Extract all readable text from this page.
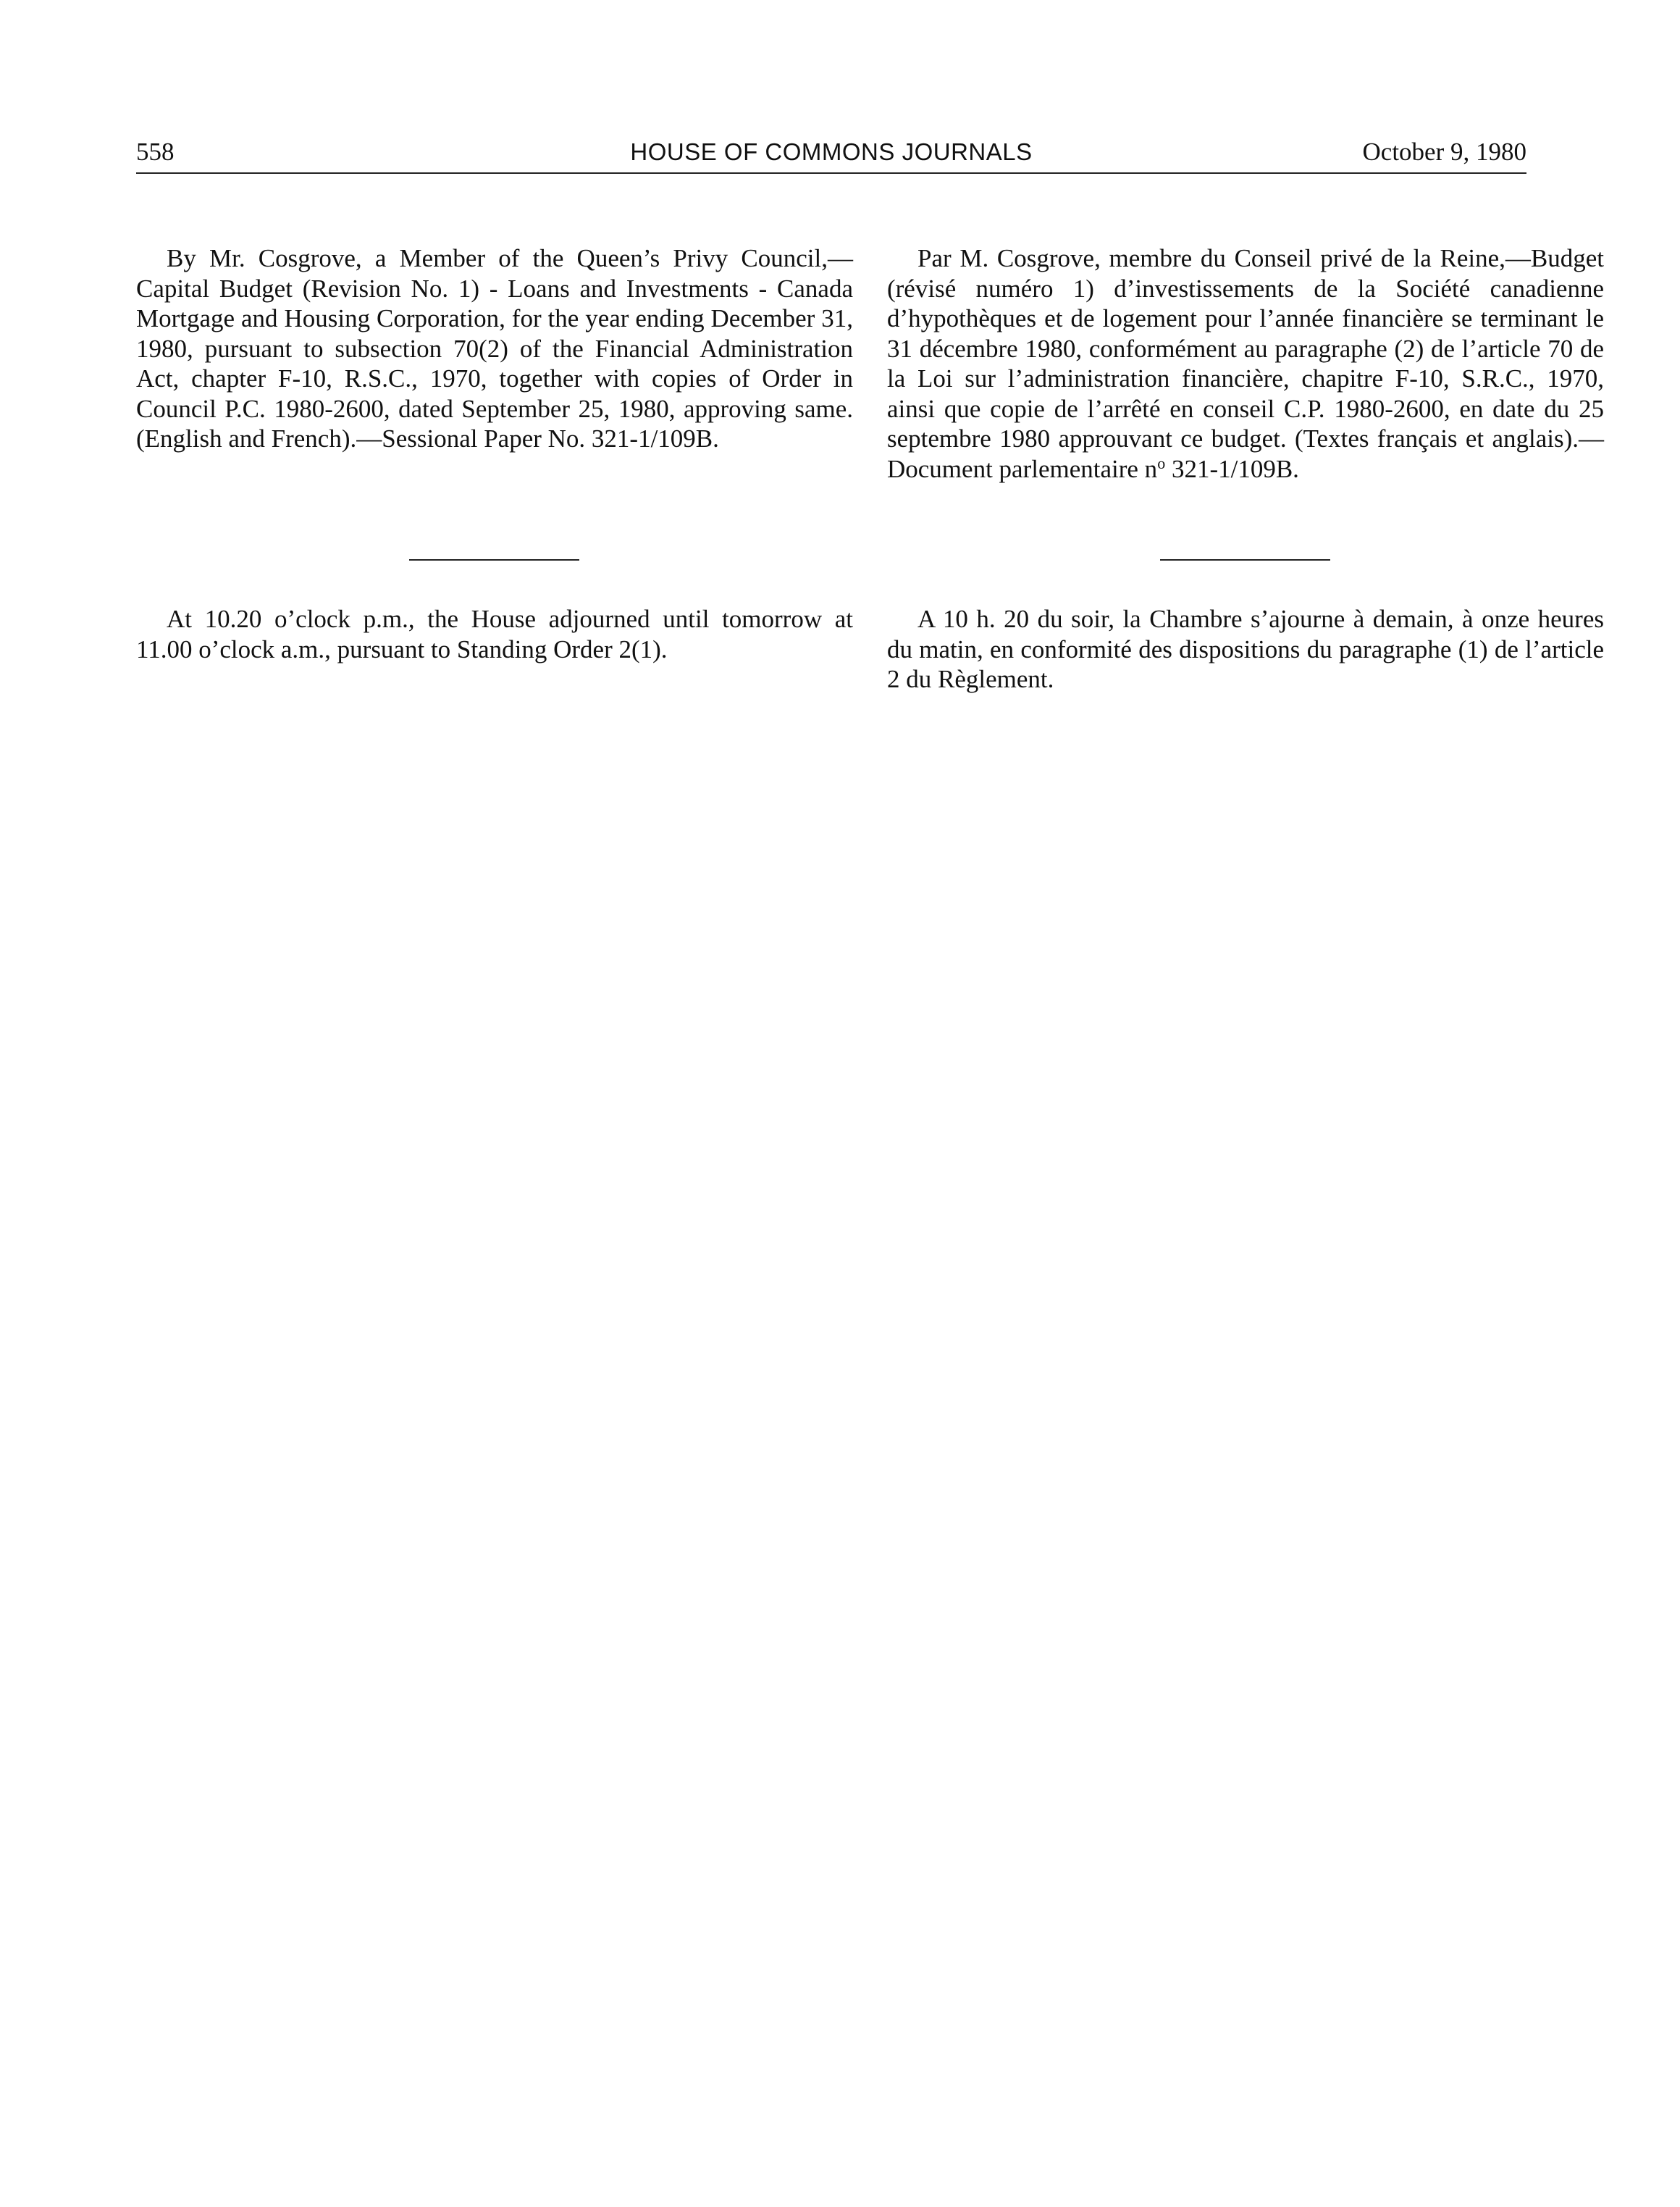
558	HOUSE OF COMMONS JOURNALS	October 9, 1980

By Mr. Cosgrove, a Member of the Queen’s Privy Council,—Capital Budget (Revision No. 1) - Loans and Investments - Canada Mortgage and Housing Corporation, for the year ending December 31, 1980, pursuant to subsection 70(2) of the Financial Administration Act, chapter F-10, R.S.C., 1970, together with copies of Order in Council P.C. 1980-2600, dated September 25, 1980, approving same. (English and French).—Sessional Paper No. 321-1/109B.

Par M. Cosgrove, membre du Conseil privé de la Reine,—Budget (révisé numéro 1) d’investissements de la Société canadienne d’hypothèques et de logement pour l’année financière se terminant le 31 décembre 1980, conformément au paragraphe (2) de l’article 70 de la Loi sur l’administration financière, chapitre F-10, S.R.C., 1970, ainsi que copie de l’arrêté en conseil C.P. 1980-2600, en date du 25 septembre 1980 approuvant ce budget. (Textes français et anglais).—Document parlementaire $n^o$ 321-1/109B.

At 10.20 o’clock p.m., the House adjourned until tomorrow at 11.00 o’clock a.m., pursuant to Standing Order 2(1).

A 10 h. 20 du soir, la Chambre s’ajourne à demain, à onze heures du matin, en conformité des dispositions du paragraphe (1) de l’article 2 du Règlement.
